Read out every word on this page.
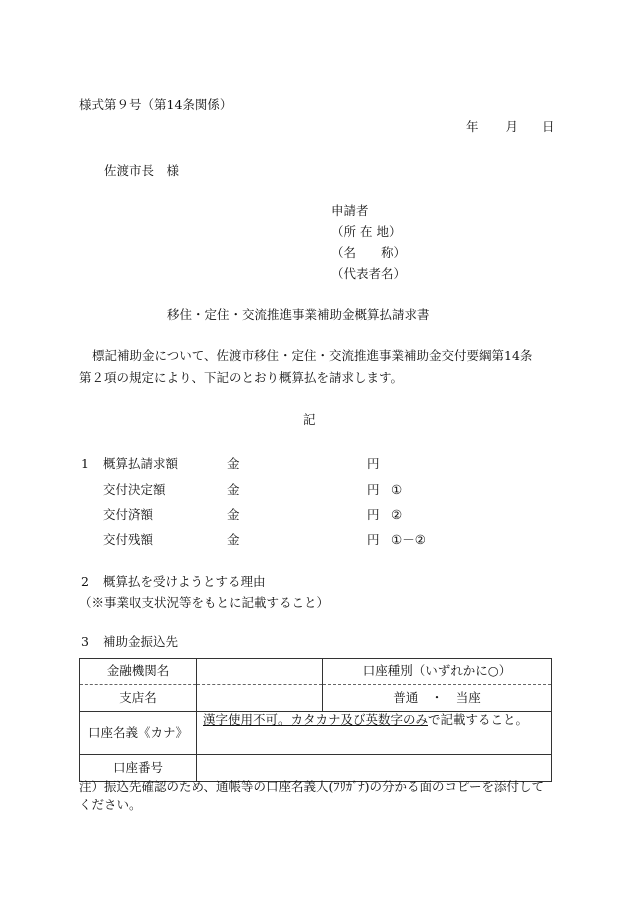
様式第９号（第14条関係）
年 月 日
佐渡市長　様
申請者
（所 在 地）
（名　　称）
（代表者名）
移住・定住・交流推進事業補助金概算払請求書
標記補助金について、佐渡市移住・定住・交流推進事業補助金交付要綱第14条
第２項の規定により、下記のとおり概算払を請求します。
記
1	概算払請求額	金	円
交付決定額	金	円 ①
交付済額	金	円 ②
交付残額	金	円 ①－②
2	概算払を受けようとする理由
（※事業収支状況等をもとに記載すること）
3	補助金振込先
金融機関名		口座種別（いずれかに○）
支店名		普通　・　当座
口座名義《カナ》	漢字使用不可。カタカナ及び英数字のみで記載すること。	
口座番号		
注）振込先確認のため、通帳等の口座名義人(ﾌﾘｶﾞﾅ)の分かる面のコピーを添付して
ください。
